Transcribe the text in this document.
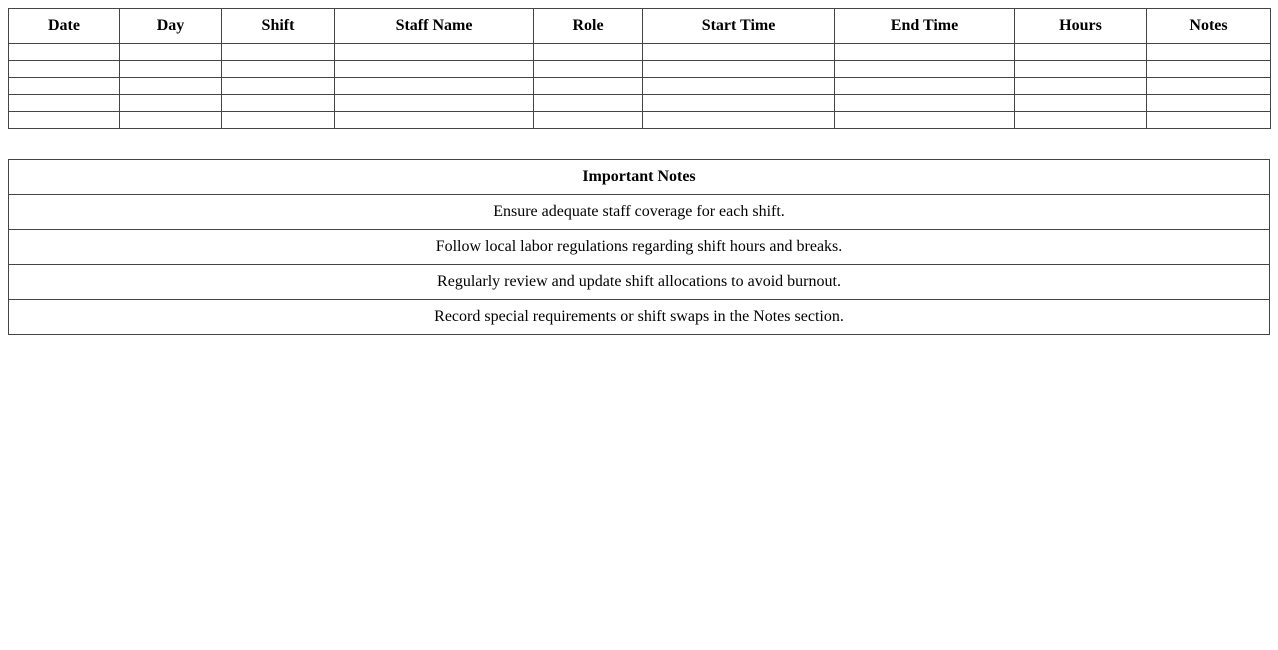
Date	Day	Shift	Staff Name	Role	Start Time	End Time	Hours	Notes

Important Notes
Ensure adequate staff coverage for each shift.
Follow local labor regulations regarding shift hours and breaks.
Regularly review and update shift allocations to avoid burnout.
Record special requirements or shift swaps in the Notes section.
